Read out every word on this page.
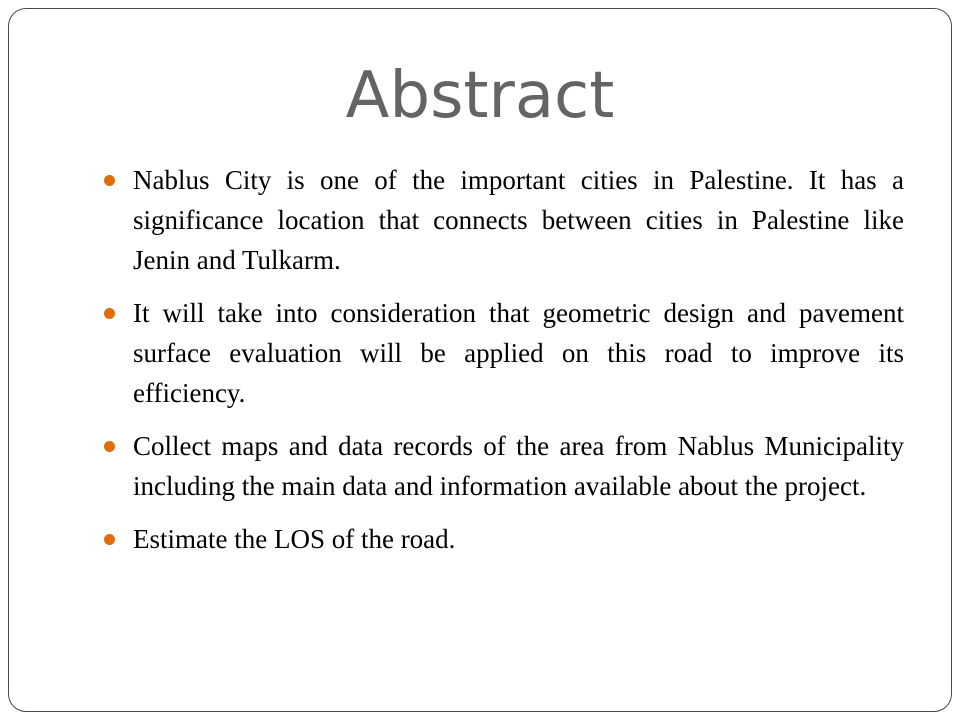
Abstract
Nablus City is one of the important cities in Palestine. It has a significance location that connects between cities in Palestine like Jenin and Tulkarm.
It will take into consideration that geometric design and pavement surface evaluation will be applied on this road to improve its efficiency.
Collect maps and data records of the area from Nablus Municipality including the main data and information available about the project.
Estimate the LOS of the road.
